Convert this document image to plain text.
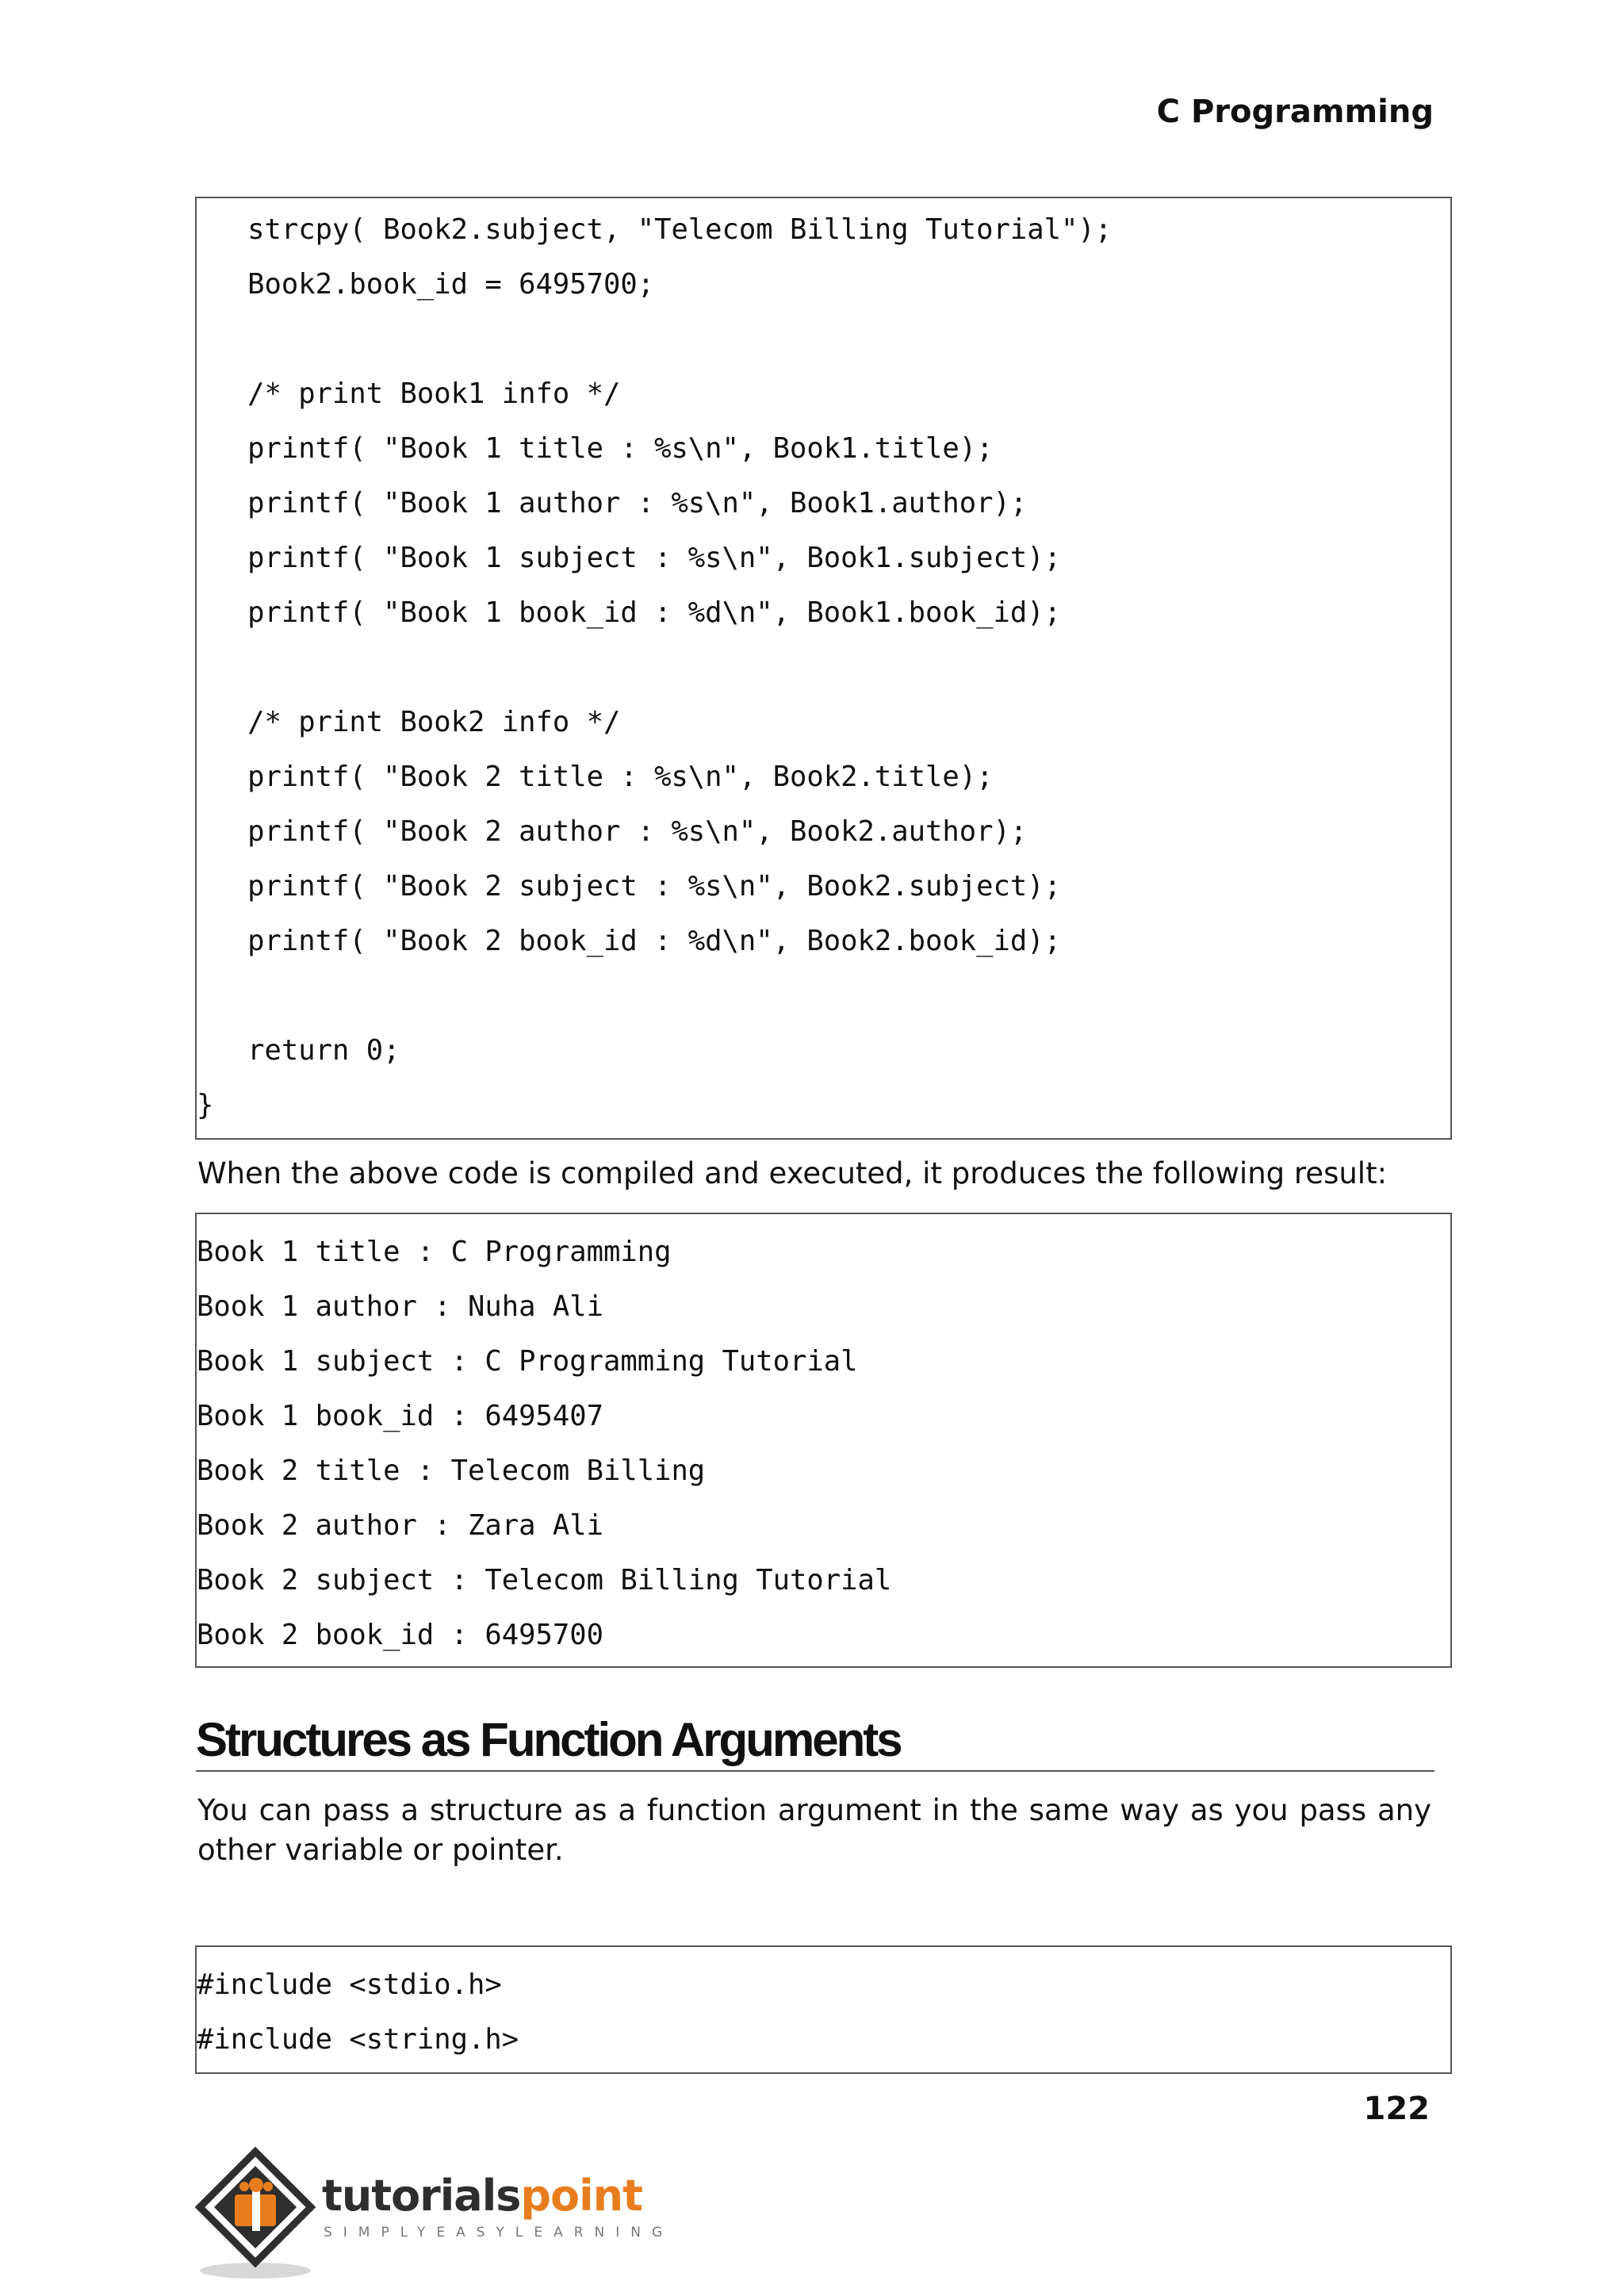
C Programming
strcpy( Book2.subject, "Telecom Billing Tutorial");
Book2.book_id = 6495700;
/* print Book1 info */
printf( "Book 1 title : %s\n", Book1.title);
printf( "Book 1 author : %s\n", Book1.author);
printf( "Book 1 subject : %s\n", Book1.subject);
printf( "Book 1 book_id : %d\n", Book1.book_id);
/* print Book2 info */
printf( "Book 2 title : %s\n", Book2.title);
printf( "Book 2 author : %s\n", Book2.author);
printf( "Book 2 subject : %s\n", Book2.subject);
printf( "Book 2 book_id : %d\n", Book2.book_id);
return 0;
}
When the above code is compiled and executed, it produces the following result:
Book 1 title : C Programming
Book 1 author : Nuha Ali
Book 1 subject : C Programming Tutorial
Book 1 book_id : 6495407
Book 2 title : Telecom Billing
Book 2 author : Zara Ali
Book 2 subject : Telecom Billing Tutorial
Book 2 book_id : 6495700
Structures as Function Arguments
You can pass a structure as a function argument in the same way as you pass any other variable or pointer.
#include <stdio.h>
#include <string.h>
122
tutorialspoint
SIMPLYEASYLEARNING
